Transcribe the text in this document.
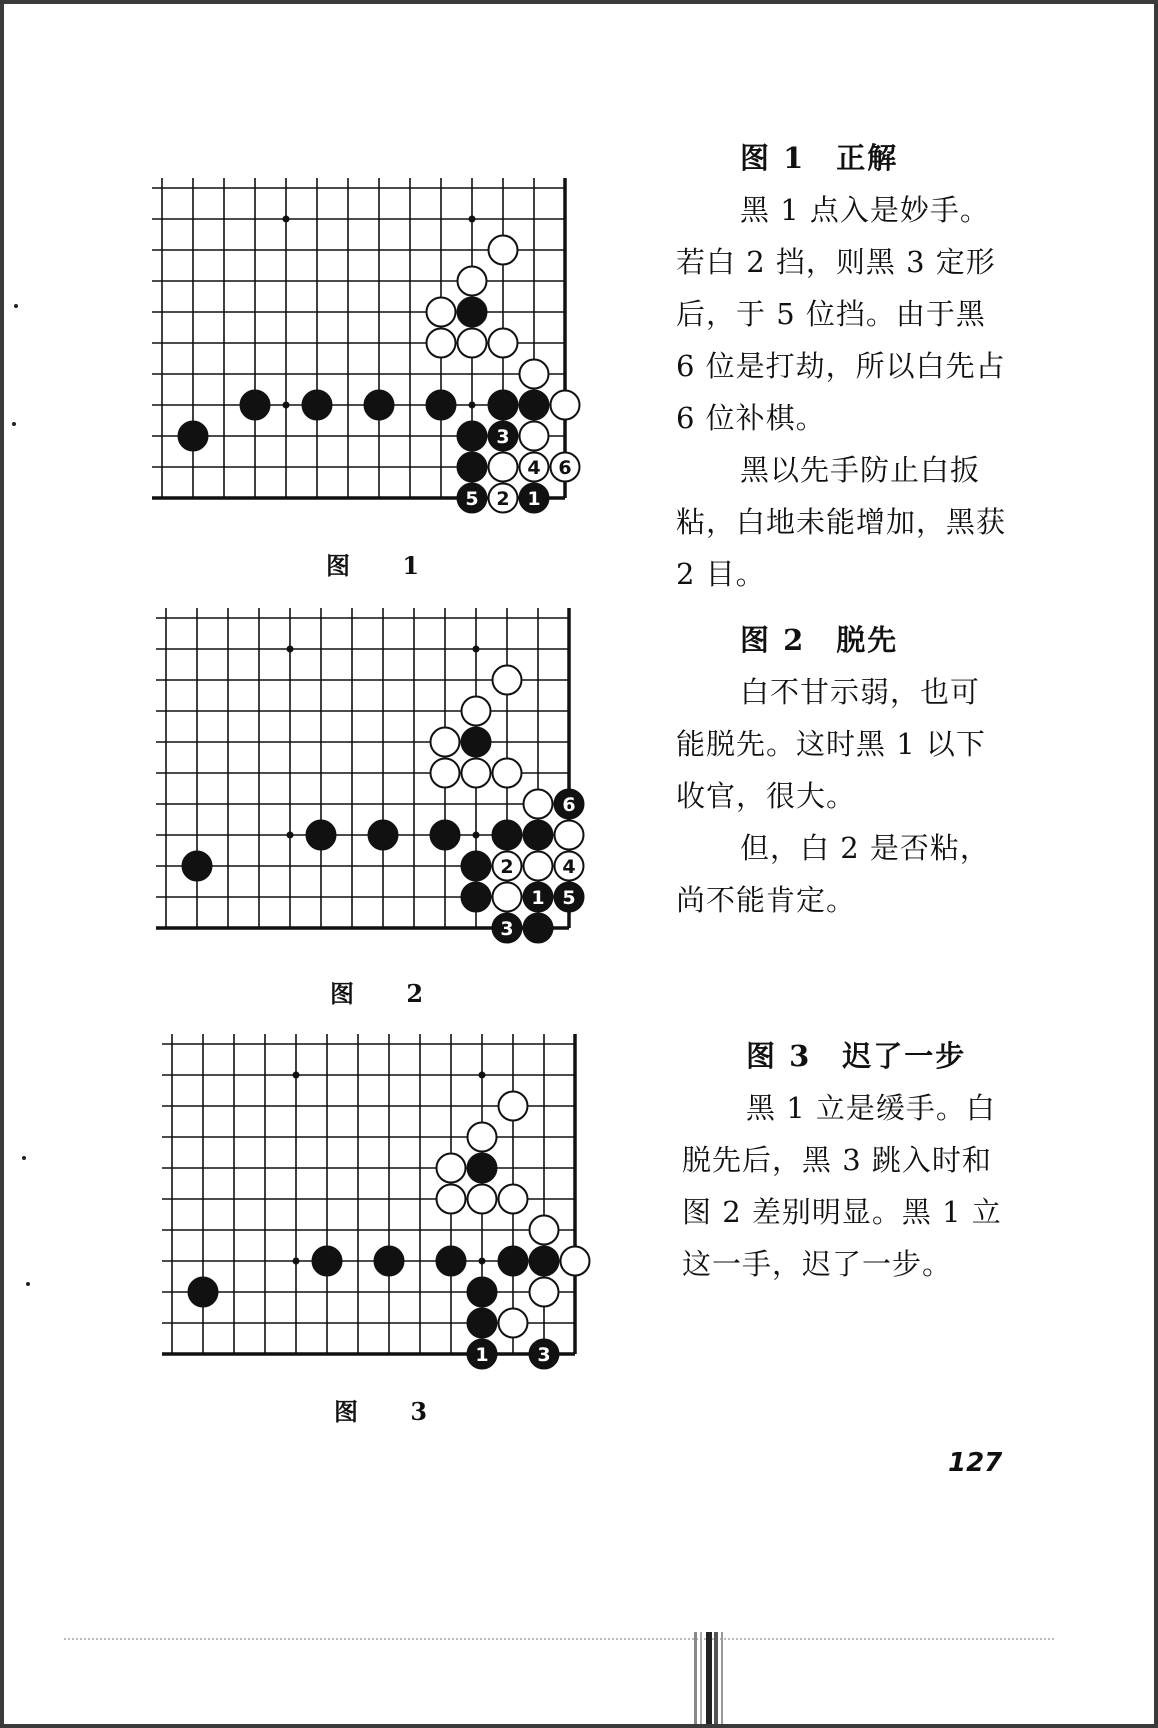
3
4 6
5 2 1
图 1
图 1　正解

黑 1 点入是妙手。若白 2 挡，则黑 3 定形后，于 5 位挡。由于黑 6 位是打劫，所以白先占 6 位补棋。

黑以先手防止白扳粘，白地未能增加，黑获 2 目。

6
2	4
1 5
3
图 2
图 2　脱先

白不甘示弱，也可能脱先。这时黑 1 以下收官，很大。

但，白 2 是否粘，尚不能肯定。

1	3
图 3
图 3　迟了一步

黑 1 立是缓手。白脱先后，黑 3 跳入时和图 2 差别明显。黑 1 立这一手，迟了一步。

127
